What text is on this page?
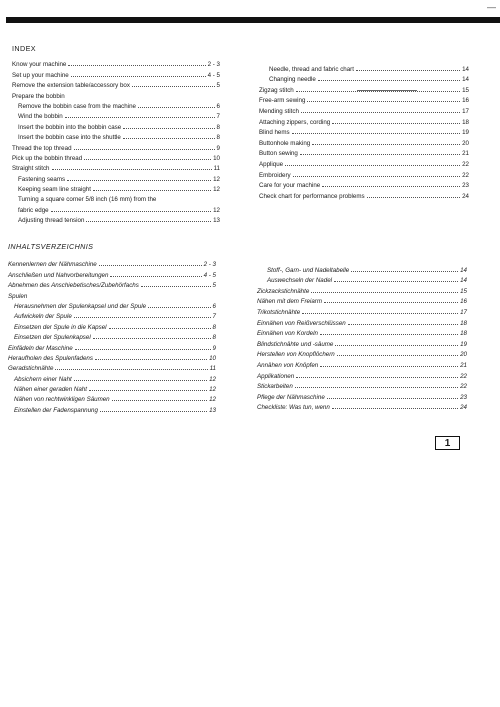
—
INDEX
Know your machine	2 - 3
Set up your machine	4 - 5
Remove the extension table/accessory box	5
Prepare the bobbin
Remove the bobbin case from the machine	6
Wind the bobbin	7
Insert the bobbin into the bobbin case	8
Insert the bobbin case into the shuttle	8
Thread the top thread	9
Pick up the bobbin thread	10
Straight stitch	11
Fastening seams	12
Keeping seam line straight	12
Turning a square corner 5/8 inch (16 mm) from the
fabric edge	12
Adjusting thread tension	13
Needle, thread and fabric chart	14
Changing needle	14
Zigzag stitch	15
Free-arm sewing	16
Mending stitch	17
Attaching zippers, cording	18
Blind hems	19
Buttonhole making	20
Button sewing	21
Applique	22
Embroidery	22
Care for your machine	23
Check chart for performance problems	24
INHALTSVERZEICHNIS
Kennenlernen der Nähmaschine	2 - 3
Anschließen und Nahvorbereitungen	4 - 5
Abnehmen des Anschiebetisches/Zubehörfachs	5
Spulen
Herausnehmen der Spulenkapsel und der Spule	6
Aufwickeln der Spule	7
Einsetzen der Spule in die Kapsel	8
Einsetzen der Spulenkapsel	8
Einfädeln der Maschine	9
Heraufholen des Spulenfadens	10
Geradstichnähte	11
Absichern einer Naht	12
Nähen einer geraden Naht	12
Nähen von rechtwinkligen Säumen	12
Einstellen der Fadenspannung	13
Stoff-, Garn- und Nadeltabelle	14
Auswechseln der Nadel	14
Zickzackstichnähte	15
Nähen mit dem Freiarm	16
Trikotstichnähte	17
Einnähen von Reißverschlüssen	18
Einnähen von Kordeln	18
Blindstichnähte und -säume	19
Herstellen von Knopflöchern	20
Annähen von Knöpfen	21
Applikationen	22
Stickarbeiten	22
Pflege der Nähmaschine	23
Checkliste: Was tun, wenn	24
1
